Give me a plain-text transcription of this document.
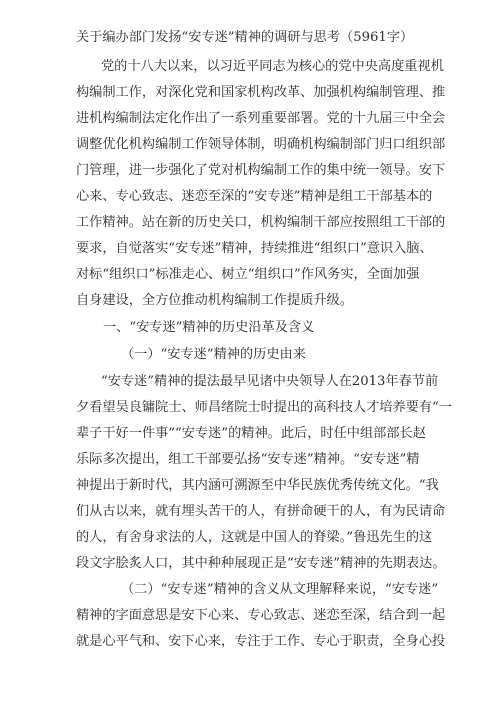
关于编办部门发扬“安专迷”精神的调研与思考（5961字）
党的十八大以来，以习近平同志为核心的党中央高度重视机
构编制工作，对深化党和国家机构改革、加强机构编制管理、推
进机构编制法定化作出了一系列重要部署。党的十九届三中全会
调整优化机构编制工作领导体制，明确机构编制部门归口组织部
门管理，进一步强化了党对机构编制工作的集中统一领导。安下
心来、专心致志、迷恋至深的“安专迷”精神是组工干部基本的
工作精神。站在新的历史关口，机构编制干部应按照组工干部的
要求，自觉落实“安专迷”精神，持续推进“组织口”意识入脑、
对标“组织口”标准走心、树立“组织口”作风务实，全面加强
自身建设，全方位推动机构编制工作提质升级。
一、“安专迷”精神的历史沿革及含义
（一）“安专迷”精神的历史由来
“安专迷”精神的提法最早见诸中央领导人在2013年春节前
夕看望吴良镛院士、师昌绪院士时提出的高科技人才培养要有“一
辈子干好一件事”“安专迷”的精神。此后，时任中组部部长赵
乐际多次提出，组工干部要弘扬“安专迷”精神。“安专迷”精
神提出于新时代，其内涵可溯源至中华民族优秀传统文化。“我
们从古以来，就有埋头苦干的人，有拼命硬干的人，有为民请命
的人，有舍身求法的人，这就是中国人的脊梁。”鲁迅先生的这
段文字脍炙人口，其中种种展现正是“安专迷”精神的先期表达。
（二）“安专迷”精神的含义从文理解释来说，“安专迷”
精神的字面意思是安下心来、专心致志、迷恋至深，结合到一起
就是心平气和、安下心来，专注于工作、专心于职责，全身心投
